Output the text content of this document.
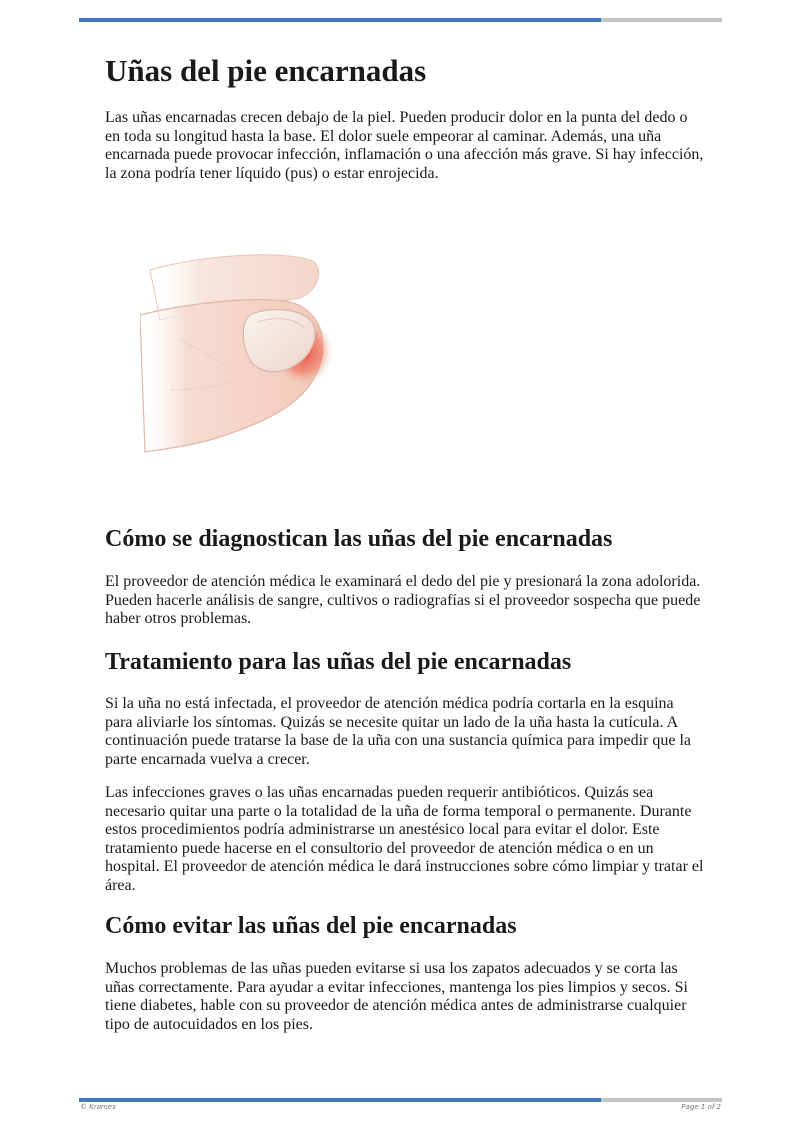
Uñas del pie encarnadas

Las uñas encarnadas crecen debajo de la piel. Pueden producir dolor en la punta del dedo o en toda su longitud hasta la base. El dolor suele empeorar al caminar. Además, una uña encarnada puede provocar infección, inflamación o una afección más grave. Si hay infección, la zona podría tener líquido (pus) o estar enrojecida.

Cómo se diagnostican las uñas del pie encarnadas

El proveedor de atención médica le examinará el dedo del pie y presionará la zona adolorida. Pueden hacerle análisis de sangre, cultivos o radiografías si el proveedor sospecha que puede haber otros problemas.

Tratamiento para las uñas del pie encarnadas

Si la uña no está infectada, el proveedor de atención médica podría cortarla en la esquina para aliviarle los síntomas. Quizás se necesite quitar un lado de la uña hasta la cutícula. A continuación puede tratarse la base de la uña con una sustancia química para impedir que la parte encarnada vuelva a crecer.

Las infecciones graves o las uñas encarnadas pueden requerir antibióticos. Quizás sea necesario quitar una parte o la totalidad de la uña de forma temporal o permanente. Durante estos procedimientos podría administrarse un anestésico local para evitar el dolor. Este tratamiento puede hacerse en el consultorio del proveedor de atención médica o en un hospital. El proveedor de atención médica le dará instrucciones sobre cómo limpiar y tratar el área.

Cómo evitar las uñas del pie encarnadas

Muchos problemas de las uñas pueden evitarse si usa los zapatos adecuados y se corta las uñas correctamente. Para ayudar a evitar infecciones, mantenga los pies limpios y secos. Si tiene diabetes, hable con su proveedor de atención médica antes de administrarse cualquier tipo de autocuidados en los pies.

© Krames	Page 1 of 2
